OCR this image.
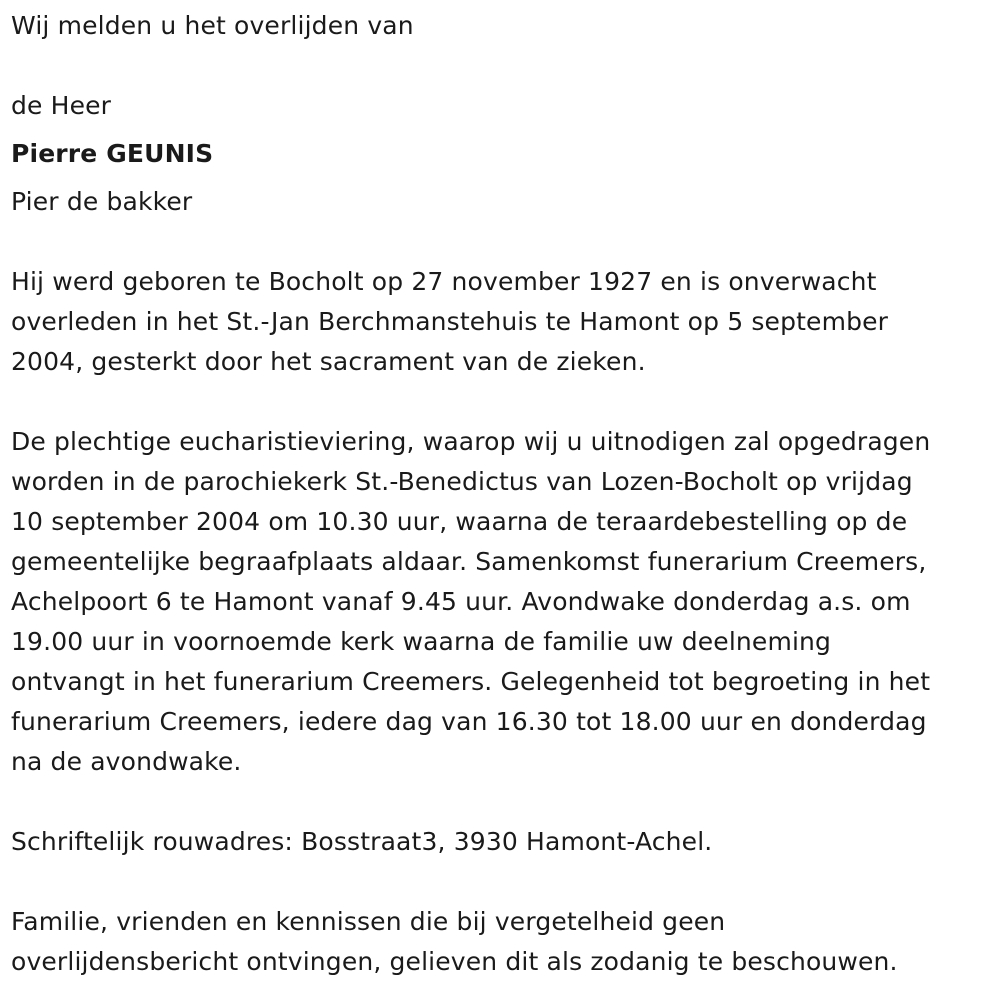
Wij melden u het overlijden van

de Heer

Pierre GEUNIS

Pier de bakker

Hij werd geboren te Bocholt op 27 november 1927 en is onverwacht

overleden in het St.-Jan Berchmanstehuis te Hamont op 5 september

2004, gesterkt door het sacrament van de zieken.

De plechtige eucharistieviering, waarop wij u uitnodigen zal opgedragen

worden in de parochiekerk St.-Benedictus van Lozen-Bocholt op vrijdag

10 september 2004 om 10.30 uur, waarna de teraardebestelling op de

gemeentelijke begraafplaats aldaar. Samenkomst funerarium Creemers,

Achelpoort 6 te Hamont vanaf 9.45 uur. Avondwake donderdag a.s. om

19.00 uur in voornoemde kerk waarna de familie uw deelneming

ontvangt in het funerarium Creemers. Gelegenheid tot begroeting in het

funerarium Creemers, iedere dag van 16.30 tot 18.00 uur en donderdag

na de avondwake.

Schriftelijk rouwadres: Bosstraat3, 3930 Hamont-Achel.

Familie, vrienden en kennissen die bij vergetelheid geen

overlijdensbericht ontvingen, gelieven dit als zodanig te beschouwen.
